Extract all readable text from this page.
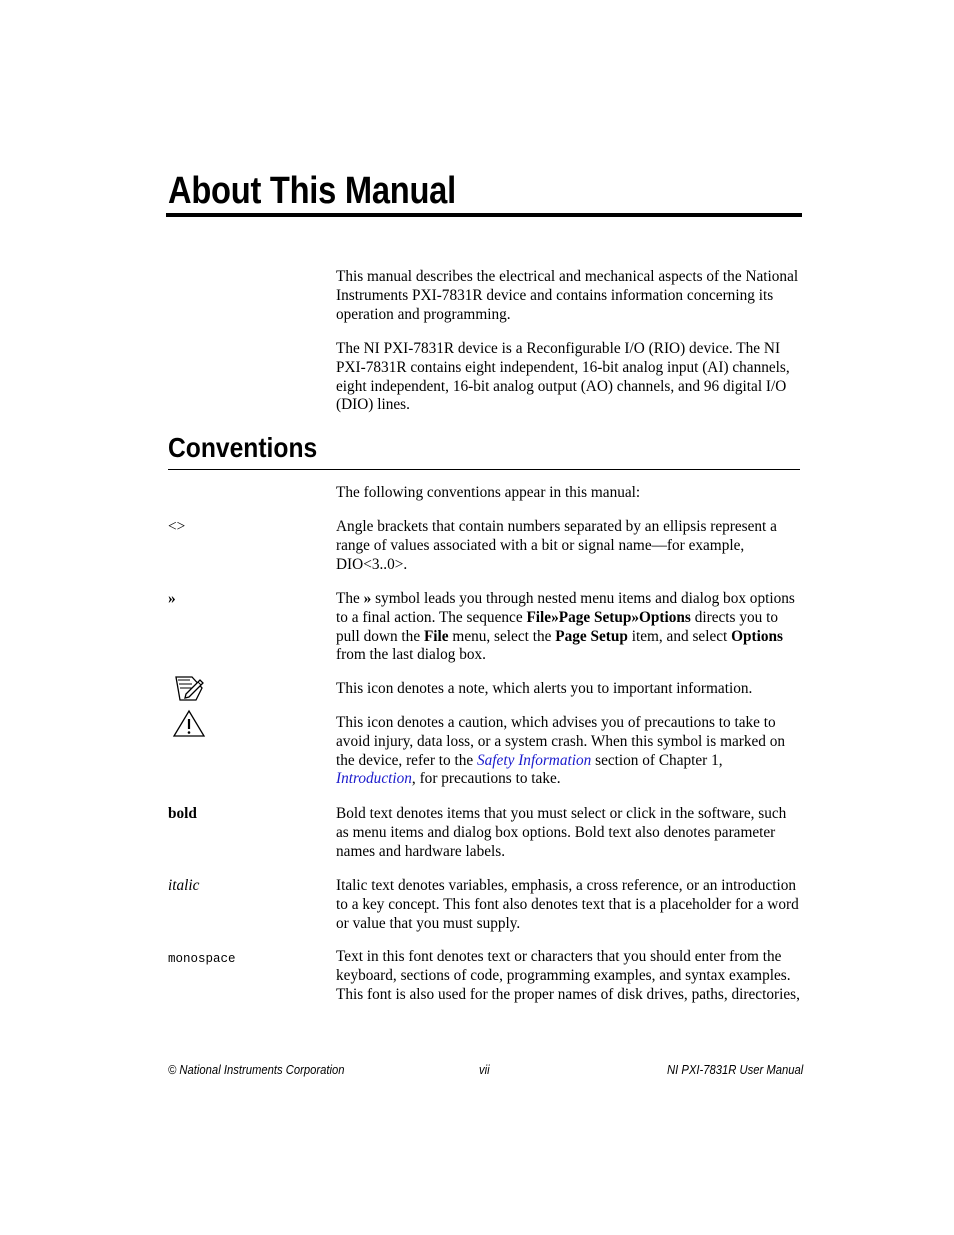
About This Manual

This manual describes the electrical and mechanical aspects of the National Instruments PXI-7831R device and contains information concerning its operation and programming.

The NI PXI-7831R device is a Reconfigurable I/O (RIO) device. The NI PXI-7831R contains eight independent, 16-bit analog input (AI) channels, eight independent, 16-bit analog output (AO) channels, and 96 digital I/O (DIO) lines.

Conventions

The following conventions appear in this manual:

<>	Angle brackets that contain numbers separated by an ellipsis represent a range of values associated with a bit or signal name—for example, DIO<3..0>.

»	The » symbol leads you through nested menu items and dialog box options to a final action. The sequence File»Page Setup»Options directs you to pull down the File menu, select the Page Setup item, and select Options from the last dialog box.

This icon denotes a note, which alerts you to important information.

This icon denotes a caution, which advises you of precautions to take to avoid injury, data loss, or a system crash. When this symbol is marked on the device, refer to the Safety Information section of Chapter 1, Introduction, for precautions to take.

bold	Bold text denotes items that you must select or click in the software, such as menu items and dialog box options. Bold text also denotes parameter names and hardware labels.

italic	Italic text denotes variables, emphasis, a cross reference, or an introduction to a key concept. This font also denotes text that is a placeholder for a word or value that you must supply.

monospace	Text in this font denotes text or characters that you should enter from the keyboard, sections of code, programming examples, and syntax examples. This font is also used for the proper names of disk drives, paths, directories,

© National Instruments Corporation	vii	NI PXI-7831R User Manual
